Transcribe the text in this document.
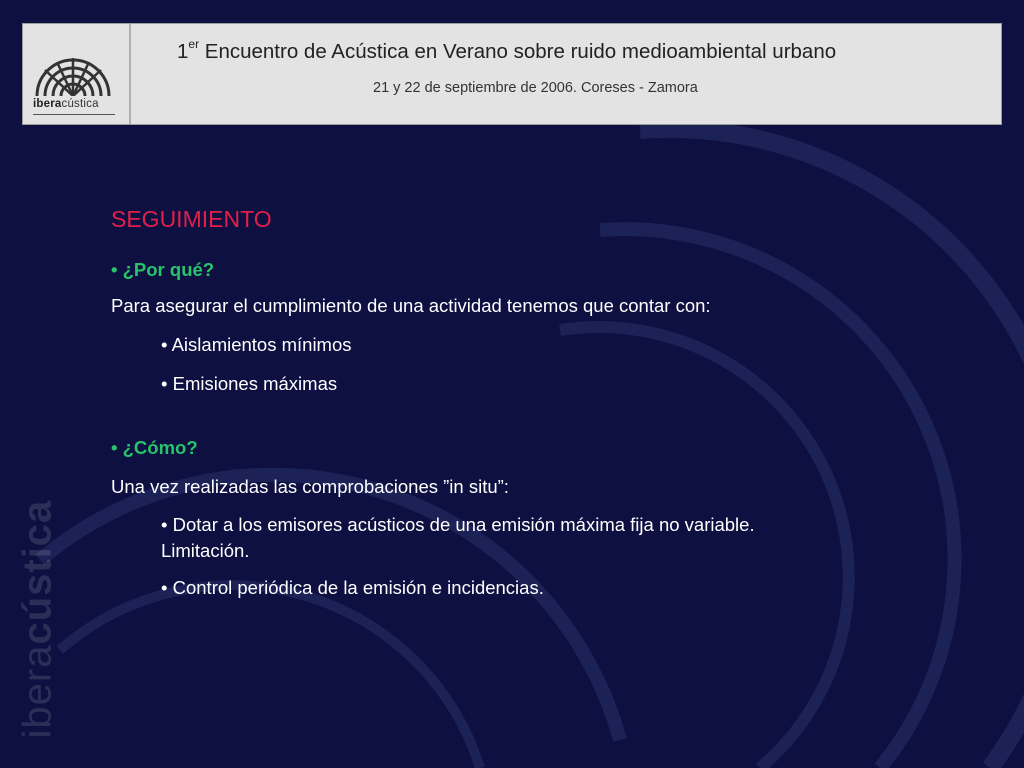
iberacústica
iberacústica
1er Encuentro de Acústica en Verano sobre ruido medioambiental urbano
21 y 22 de septiembre de 2006. Coreses - Zamora
SEGUIMIENTO
• ¿Por qué?
Para asegurar el cumplimiento de una actividad tenemos que contar con:
• Aislamientos mínimos
• Emisiones máximas
• ¿Cómo?
Una vez realizadas las comprobaciones ”in situ”:
• Dotar a los emisores acústicos de una emisión máxima fija no variable.
Limitación.
• Control periódica de la emisión e incidencias.
